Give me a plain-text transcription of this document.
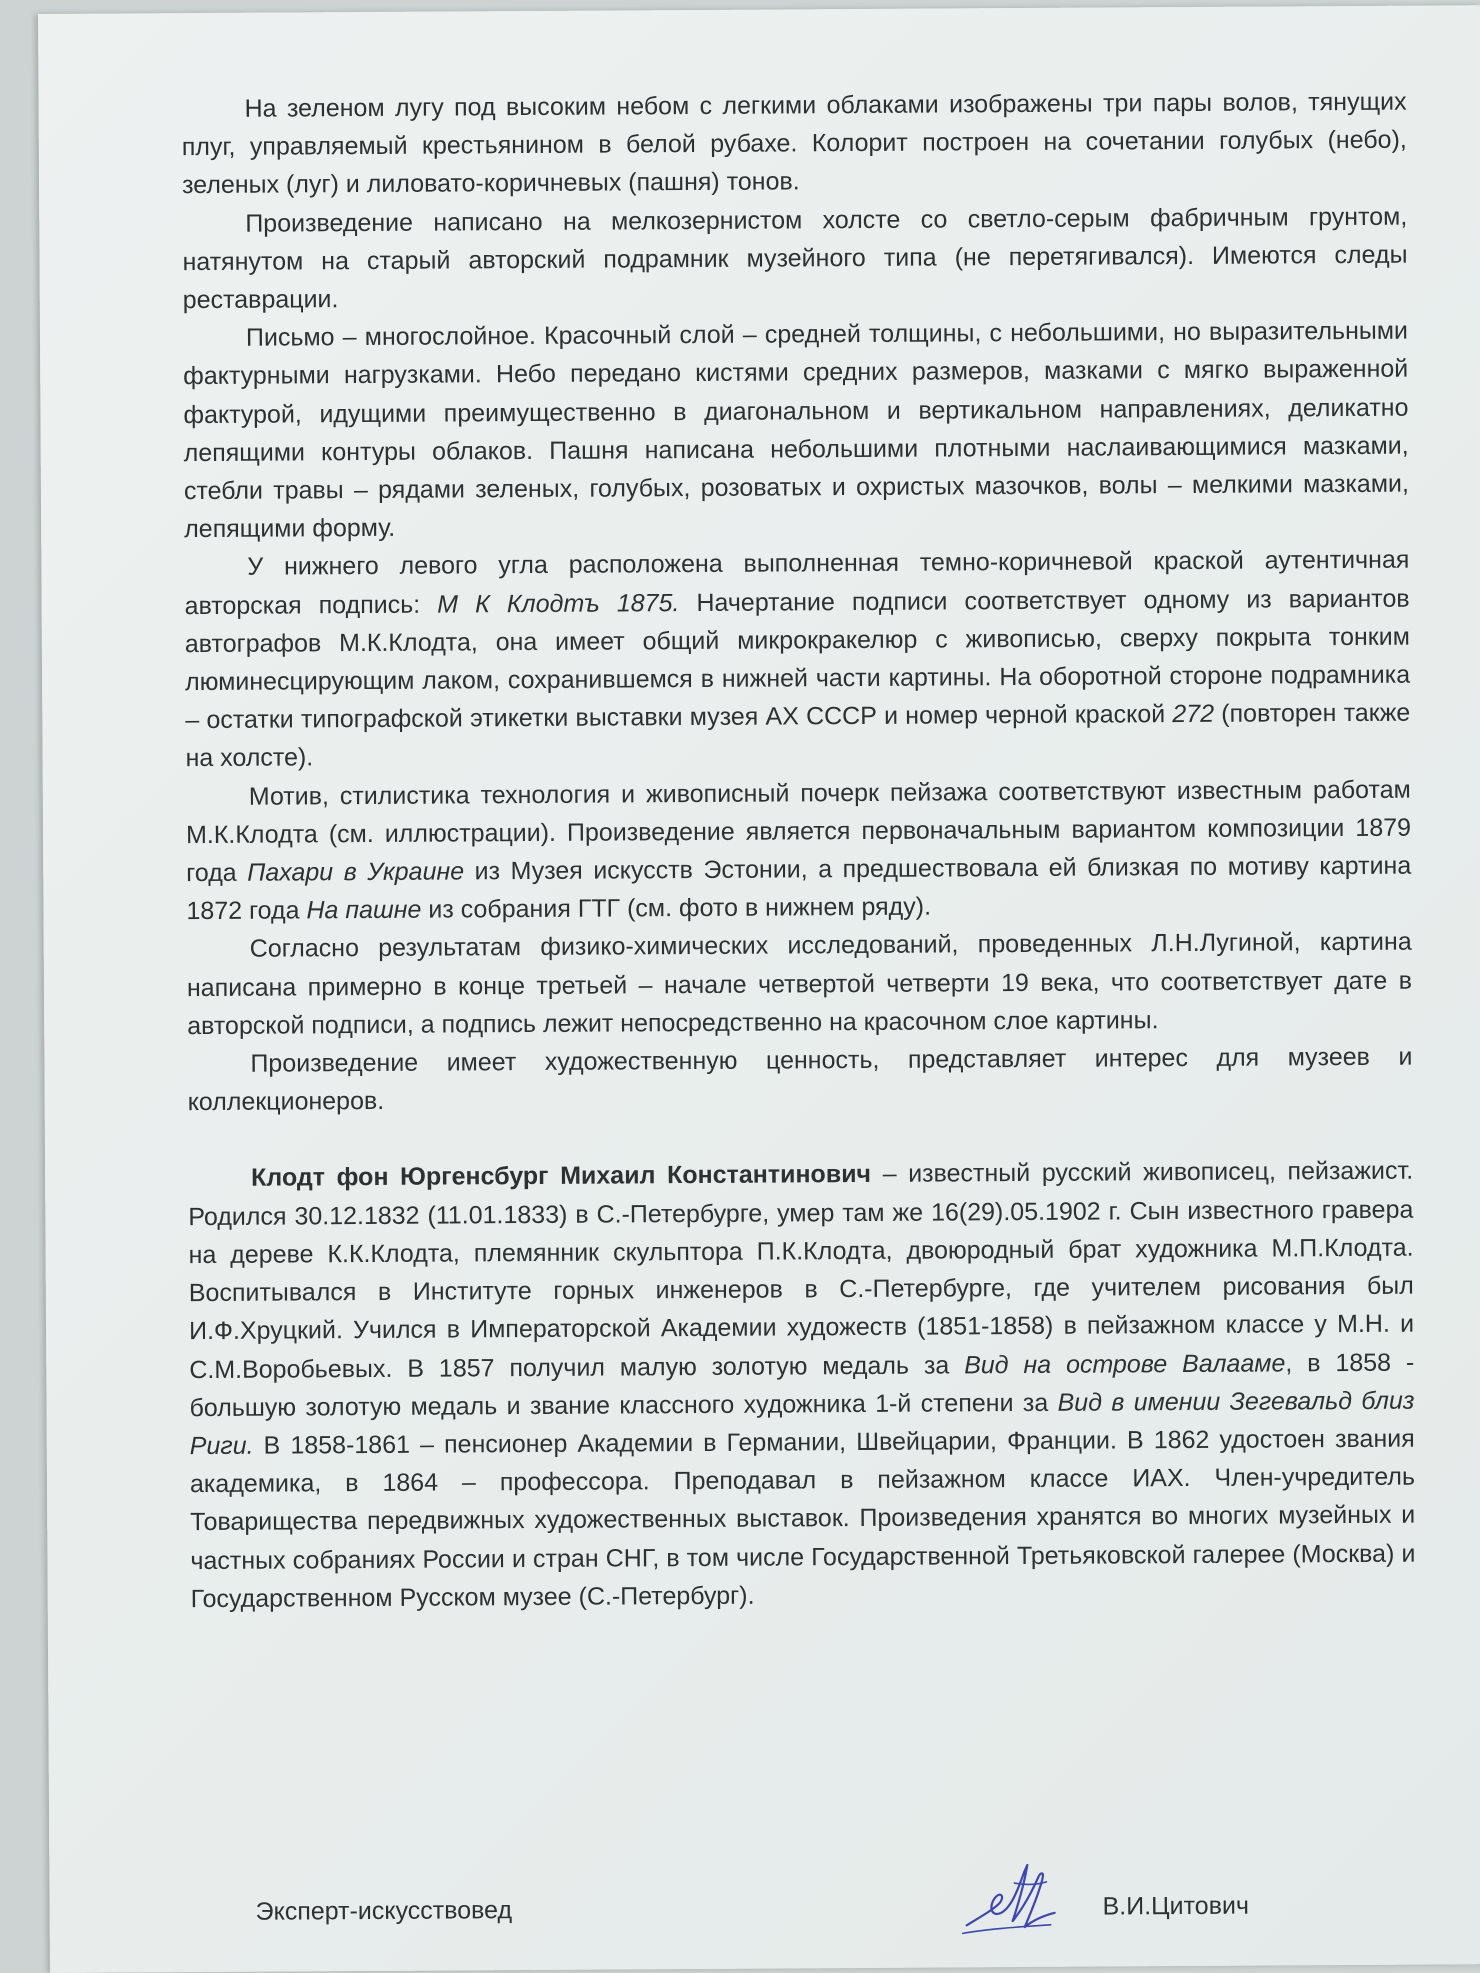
На зеленом лугу под высоким небом с легкими облаками изображены три пары волов, тянущих плуг, управляемый крестьянином в белой рубахе. Колорит построен на сочетании голубых (небо), зеленых (луг) и лиловато-коричневых (пашня) тонов.

Произведение написано на мелкозернистом холсте со светло-серым фабричным грунтом, натянутом на старый авторский подрамник музейного типа (не перетягивался). Имеются следы реставрации.

Письмо – многослойное. Красочный слой – средней толщины, с небольшими, но выразительными фактурными нагрузками. Небо передано кистями средних размеров, мазками с мягко выраженной фактурой, идущими преимущественно в диагональном и вертикальном направлениях, деликатно лепящими контуры облаков. Пашня написана небольшими плотными наслаивающимися мазками, стебли травы – рядами зеленых, голубых, розоватых и охристых мазочков, волы – мелкими мазками, лепящими форму.

У нижнего левого угла расположена выполненная темно-коричневой краской аутентичная авторская подпись: М К Клодтъ 1875. Начертание подписи соответствует одному из вариантов автографов М.К.Клодта, она имеет общий микрокракелюр с живописью, сверху покрыта тонким люминесцирующим лаком, сохранившемся в нижней части картины. На оборотной стороне подрамника – остатки типографской этикетки выставки музея АХ СССР и номер черной краской 272 (повторен также на холсте).

Мотив, стилистика технология и живописный почерк пейзажа соответствуют известным работам М.К.Клодта (см. иллюстрации). Произведение является первоначальным вариантом композиции 1879 года Пахари в Украине из Музея искусств Эстонии, а предшествовала ей близкая по мотиву картина 1872 года На пашне из собрания ГТГ (см. фото в нижнем ряду).

Согласно результатам физико-химических исследований, проведенных Л.Н.Лугиной, картина написана примерно в конце третьей – начале четвертой четверти 19 века, что соответствует дате в авторской подписи, а подпись лежит непосредственно на красочном слое картины.

Произведение имеет художественную ценность, представляет интерес для музеев и коллекционеров.

Клодт фон Юргенсбург Михаил Константинович – известный русский живописец, пейзажист. Родился 30.12.1832 (11.01.1833) в С.-Петербурге, умер там же 16(29).05.1902 г. Сын известного гравера на дереве К.К.Клодта, племянник скульптора П.К.Клодта, двоюродный брат художника М.П.Клодта. Воспитывался в Институте горных инженеров в С.-Петербурге, где учителем рисования был И.Ф.Хруцкий. Учился в Императорской Академии художеств (1851-1858) в пейзажном классе у М.Н. и С.М.Воробьевых. В 1857 получил малую золотую медаль за Вид на острове Валааме, в 1858 - большую золотую медаль и звание классного художника 1-й степени за Вид в имении Зегевальд близ Риги. В 1858-1861 – пенсионер Академии в Германии, Швейцарии, Франции. В 1862 удостоен звания академика, в 1864 – профессора. Преподавал в пейзажном классе ИАХ. Член-учредитель Товарищества передвижных художественных выставок. Произведения хранятся во многих музейных и частных собраниях России и стран СНГ, в том числе Государственной Третьяковской галерее (Москва) и Государственном Русском музее (С.-Петербург).

Эксперт-искусствовед	В.И.Цитович
